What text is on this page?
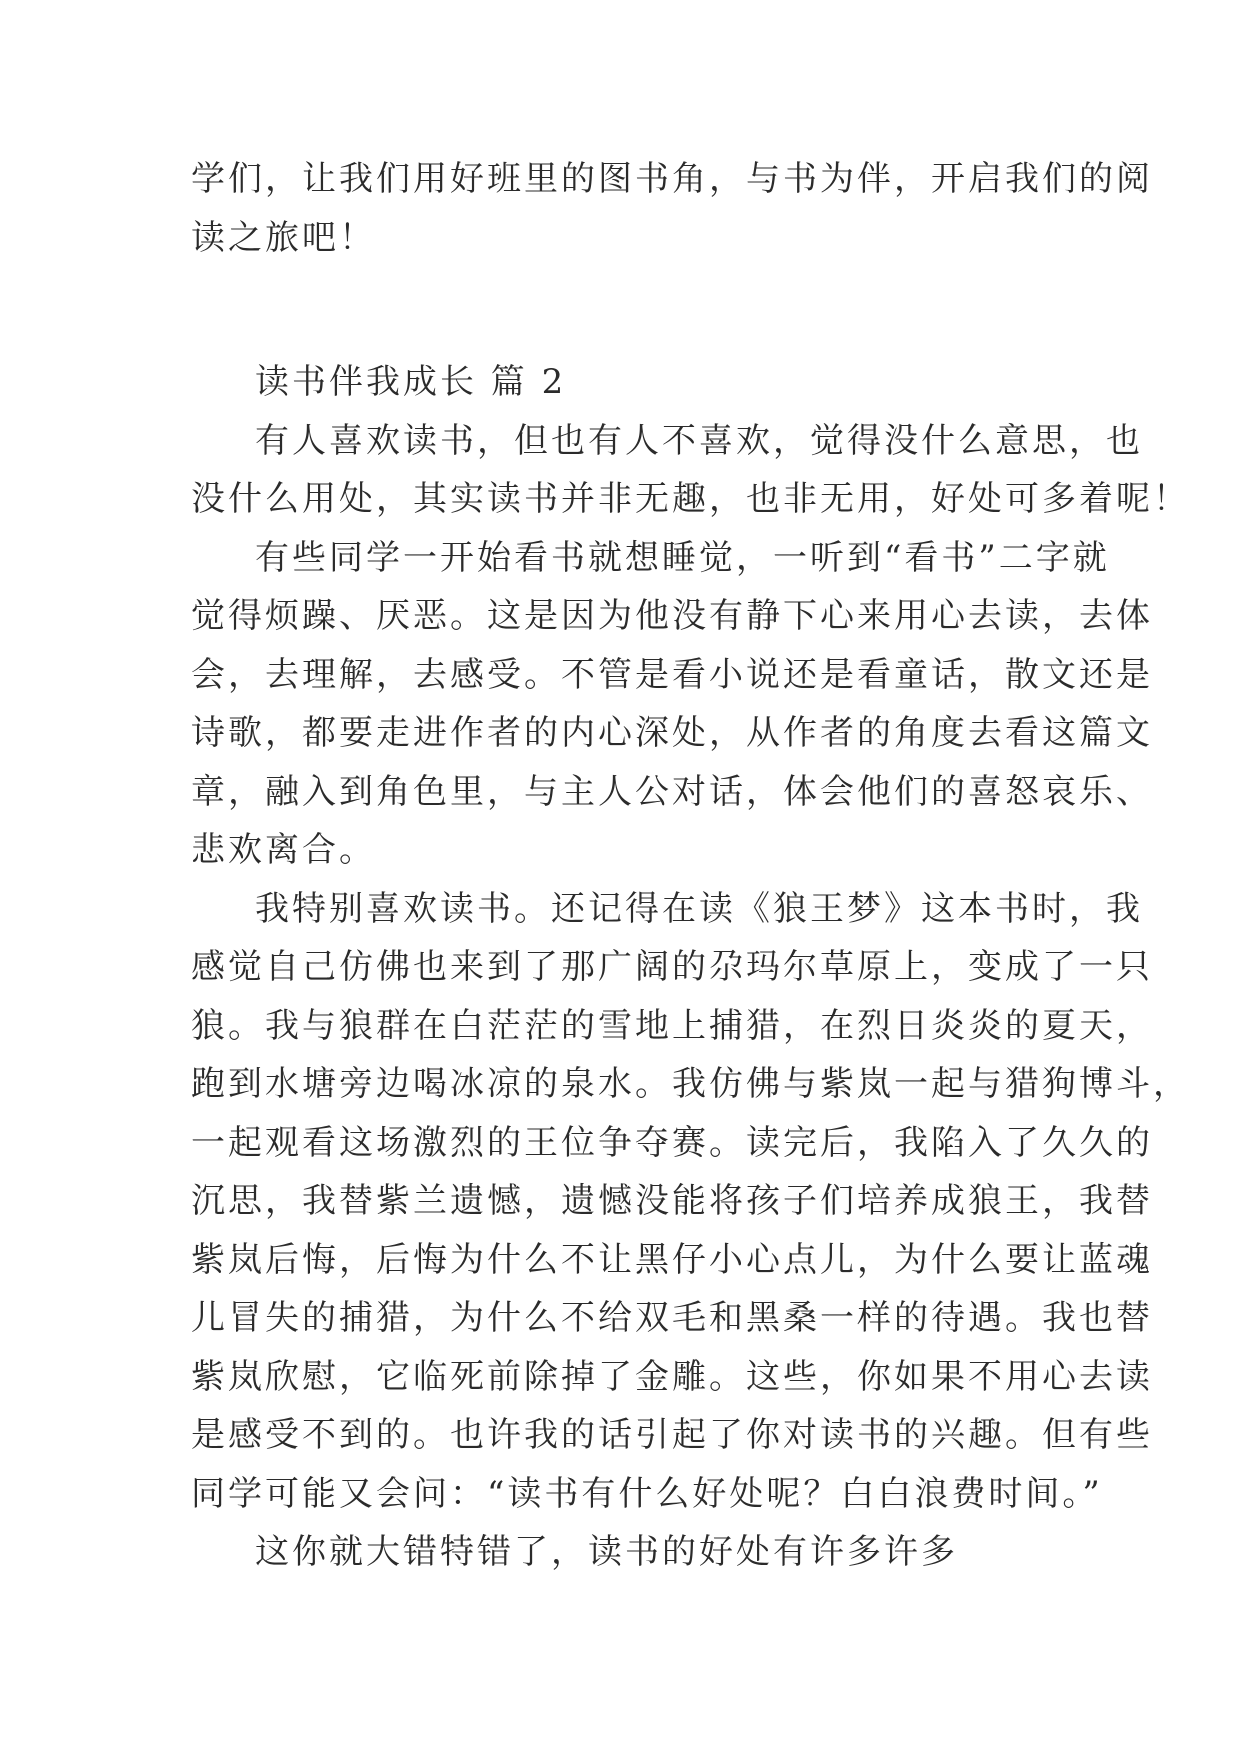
学们，让我们用好班里的图书角，与书为伴，开启我们的阅
读之旅吧！
读书伴我成长 篇 2
有人喜欢读书，但也有人不喜欢，觉得没什么意思，也
没什么用处，其实读书并非无趣，也非无用，好处可多着呢！
有些同学一开始看书就想睡觉，一听到“看书”二字就
觉得烦躁、厌恶。这是因为他没有静下心来用心去读，去体
会，去理解，去感受。不管是看小说还是看童话，散文还是
诗歌，都要走进作者的内心深处，从作者的角度去看这篇文
章，融入到角色里，与主人公对话，体会他们的喜怒哀乐、
悲欢离合。
我特别喜欢读书。还记得在读《狼王梦》这本书时，我
感觉自己仿佛也来到了那广阔的尕玛尔草原上，变成了一只
狼。我与狼群在白茫茫的雪地上捕猎，在烈日炎炎的夏天，
跑到水塘旁边喝冰凉的泉水。我仿佛与紫岚一起与猎狗博斗，
一起观看这场激烈的王位争夺赛。读完后，我陷入了久久的
沉思，我替紫兰遗憾，遗憾没能将孩子们培养成狼王，我替
紫岚后悔，后悔为什么不让黑仔小心点儿，为什么要让蓝魂
儿冒失的捕猎，为什么不给双毛和黑桑一样的待遇。我也替
紫岚欣慰，它临死前除掉了金雕。这些，你如果不用心去读
是感受不到的。也许我的话引起了你对读书的兴趣。但有些
同学可能又会问：“读书有什么好处呢？白白浪费时间。”
这你就大错特错了，读书的好处有许多许多
